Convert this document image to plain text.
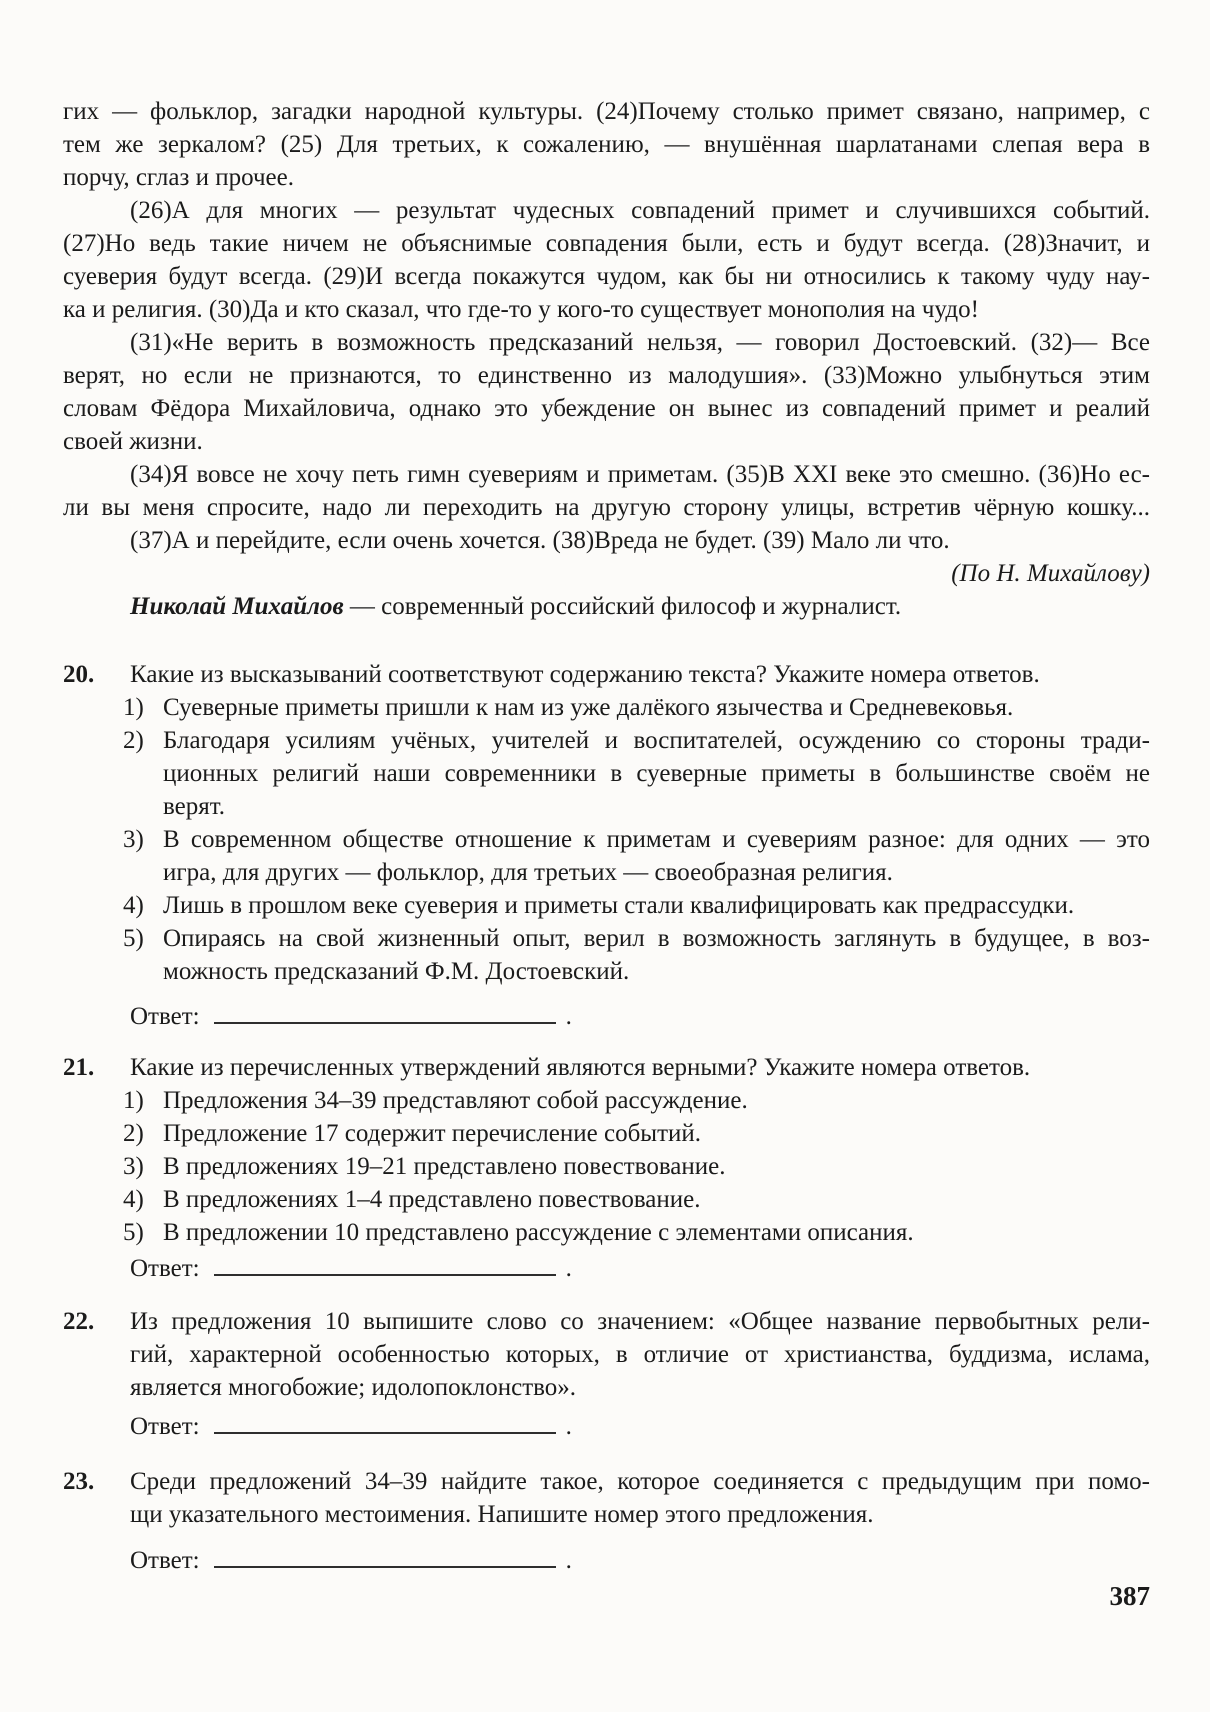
гих — фольклор, загадки народной культуры. (24)Почему столько примет связано, например, с
тем же зеркалом? (25) Для третьих, к сожалению, — внушённая шарлатанами слепая вера в
порчу, сглаз и прочее.
(26)А для многих — результат чудесных совпадений примет и случившихся событий.
(27)Но ведь такие ничем не объяснимые совпадения были, есть и будут всегда. (28)Значит, и
суеверия будут всегда. (29)И всегда покажутся чудом, как бы ни относились к такому чуду нау-
ка и религия. (30)Да и кто сказал, что где-то у кого-то существует монополия на чудо!
(31)«Не верить в возможность предсказаний нельзя, — говорил Достоевский. (32)— Все
верят, но если не признаются, то единственно из малодушия». (33)Можно улыбнуться этим
словам Фёдора Михайловича, однако это убеждение он вынес из совпадений примет и реалий
своей жизни.
(34)Я вовсе не хочу петь гимн суевериям и приметам. (35)В XXI веке это смешно. (36)Но ес-
ли вы меня спросите, надо ли переходить на другую сторону улицы, встретив чёрную кошку...
(37)А и перейдите, если очень хочется. (38)Вреда не будет. (39) Мало ли что.
(По Н. Михайлову)
Николай Михайлов — современный российский философ и журналист.
20.	Какие из высказываний соответствуют содержанию текста? Укажите номера ответов.
1) Суеверные приметы пришли к нам из уже далёкого язычества и Средневековья.
2) Благодаря усилиям учёных, учителей и воспитателей, осуждению со стороны тради-
ционных религий наши современники в суеверные приметы в большинстве своём не
верят.
3) В современном обществе отношение к приметам и суевериям разное: для одних — это
игра, для других — фольклор, для третьих — своеобразная религия.
4) Лишь в прошлом веке суеверия и приметы стали квалифицировать как предрассудки.
5) Опираясь на свой жизненный опыт, верил в возможность заглянуть в будущее, в воз-
можность предсказаний Ф.М. Достоевский.
Ответ:	.
21.	Какие из перечисленных утверждений являются верными? Укажите номера ответов.
1) Предложения 34–39 представляют собой рассуждение.
2) Предложение 17 содержит перечисление событий.
3) В предложениях 19–21 представлено повествование.
4) В предложениях 1–4 представлено повествование.
5) В предложении 10 представлено рассуждение с элементами описания.
Ответ:	.
22.	Из предложения 10 выпишите слово со значением: «Общее название первобытных рели-
гий, характерной особенностью которых, в отличие от христианства, буддизма, ислама,
является многобожие; идолопоклонство».
Ответ:	.
23.	Среди предложений 34–39 найдите такое, которое соединяется с предыдущим при помо-
щи указательного местоимения. Напишите номер этого предложения.
Ответ:	.
387
